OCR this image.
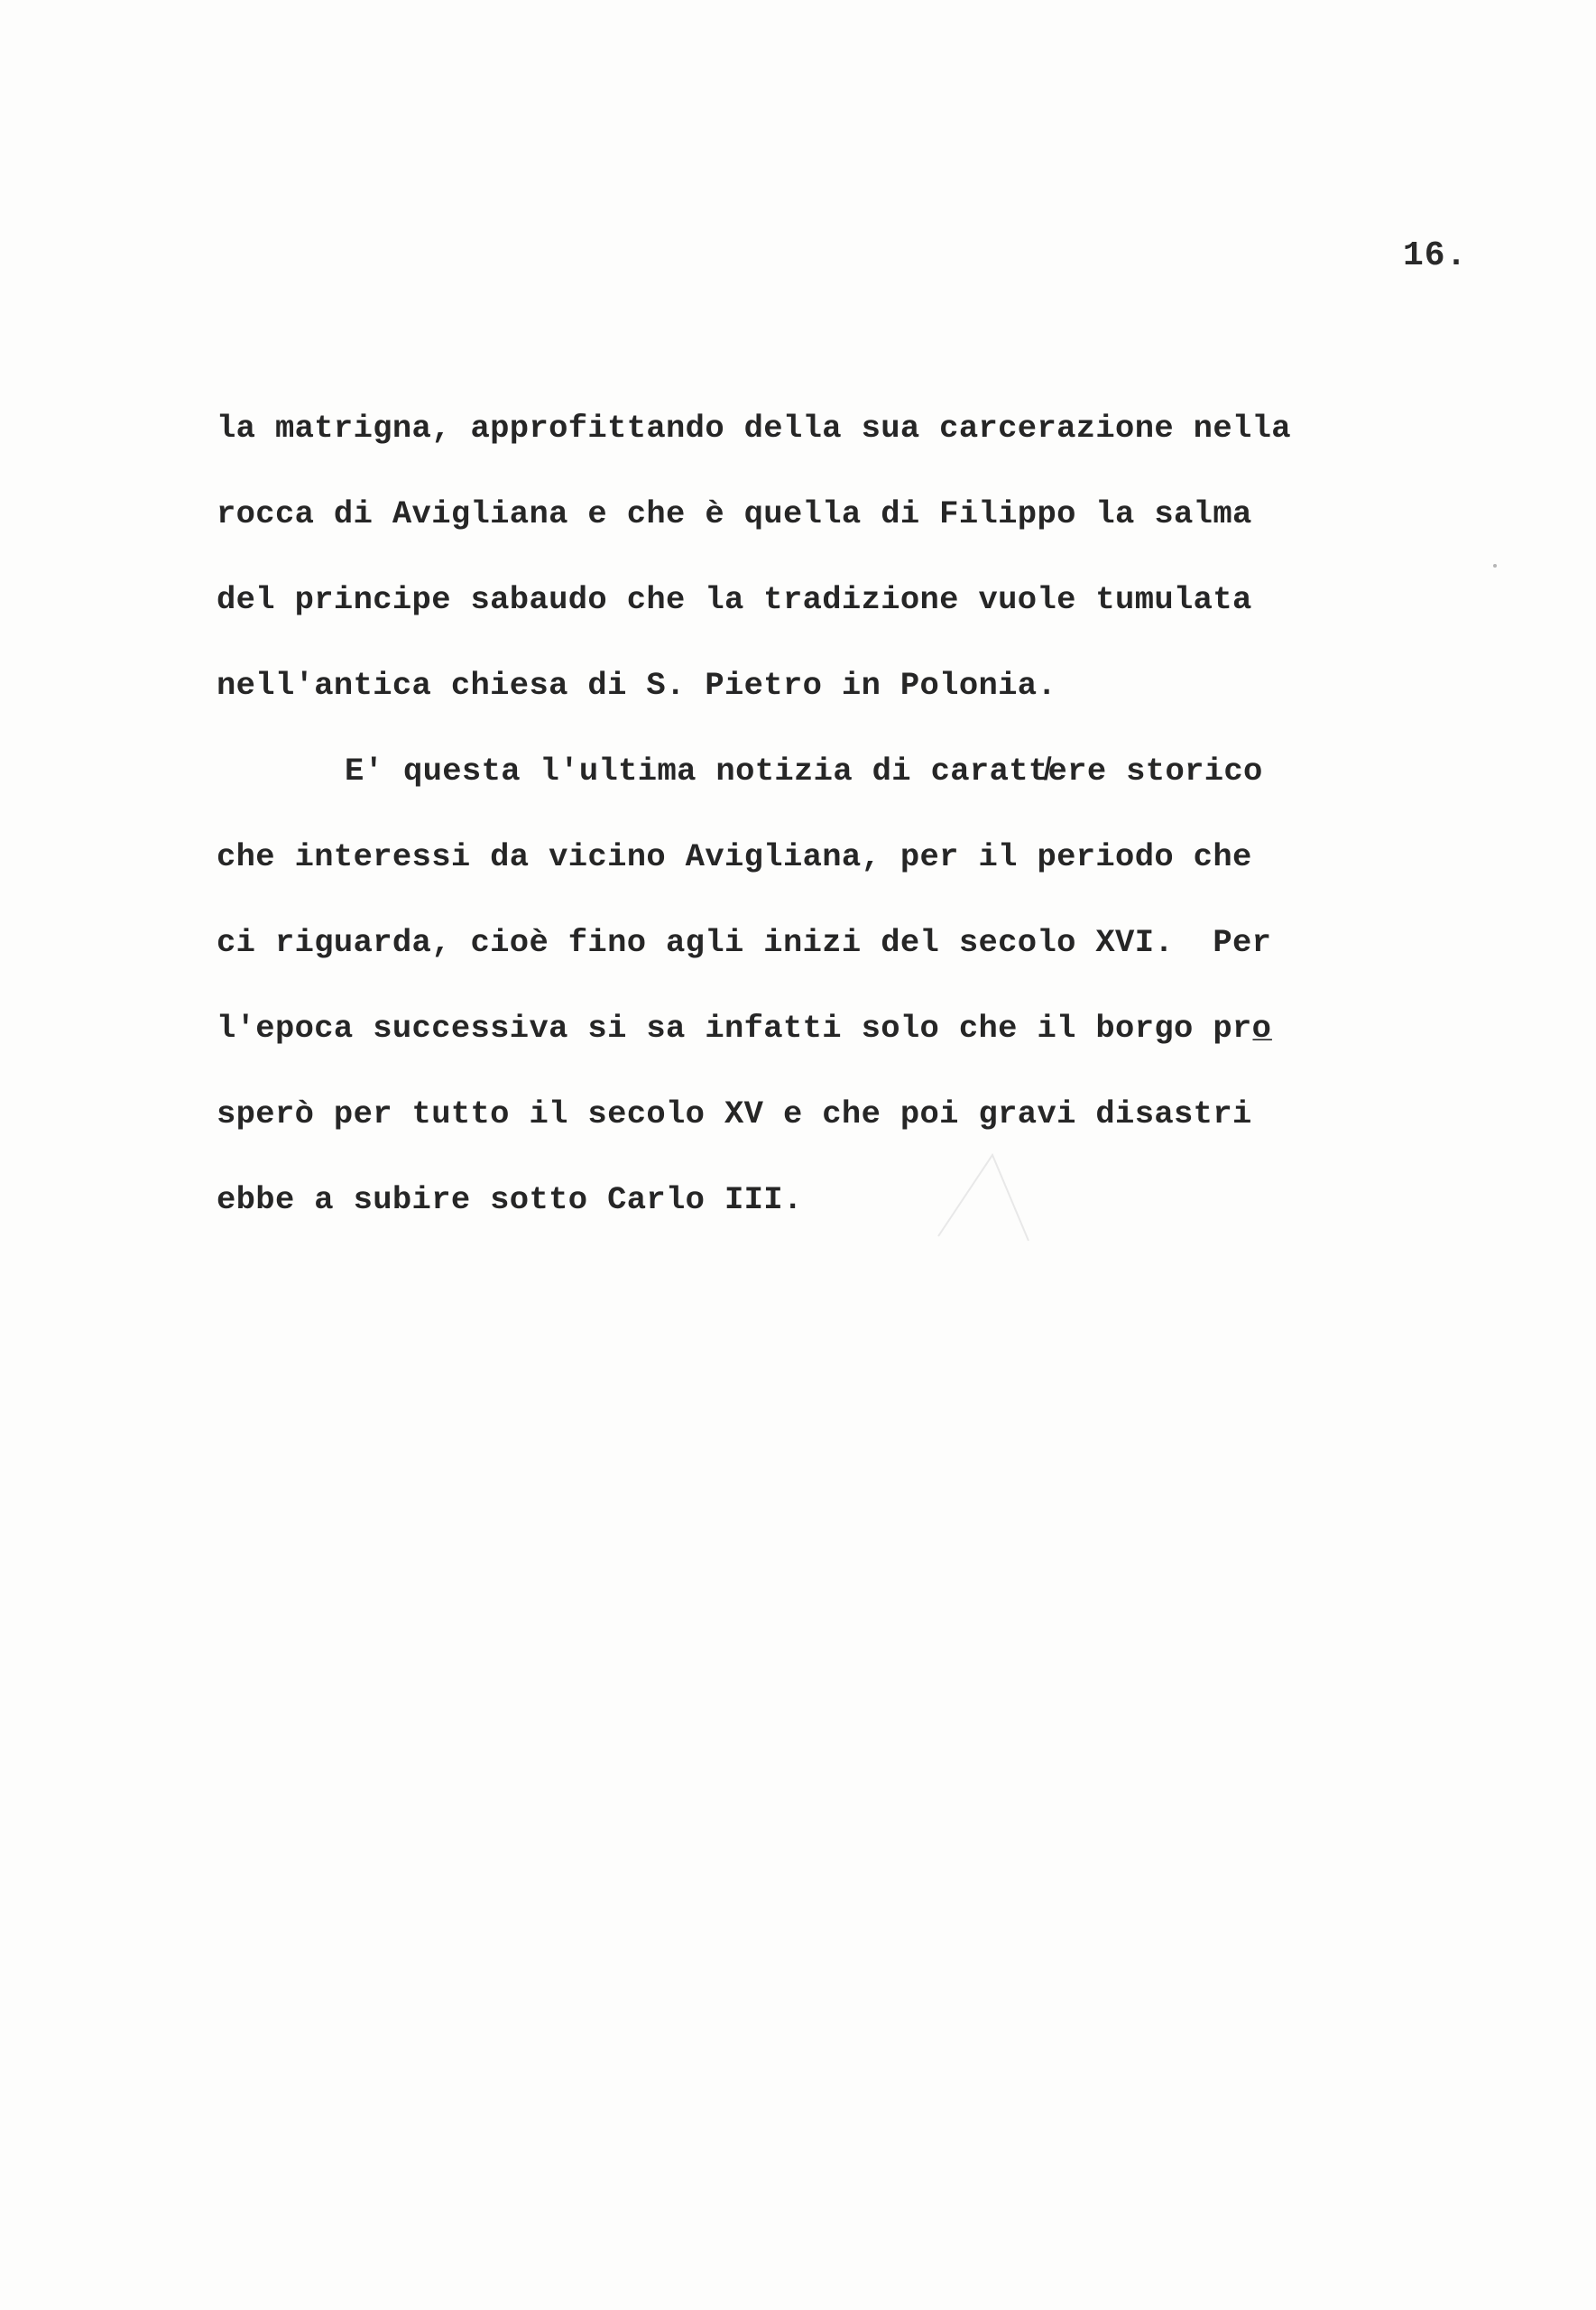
16.
la matrigna, approfittando della sua carcerazione nella
rocca di Avigliana e che è quella di Filippo la salma
del principe sabaudo che la tradizione vuole tumulata
nell'antica chiesa di S. Pietro in Polonia.
E' questa l'ultima notizia di caratt̸ere storico
che interessi da vicino Avigliana, per il periodo che
ci riguarda, cioè fino agli inizi del secolo XVI.  Per
l'epoca successiva si sa infatti solo che il borgo pro̲
sperò per tutto il secolo XV e che poi gravi disastri
ebbe a subire sotto Carlo III.
